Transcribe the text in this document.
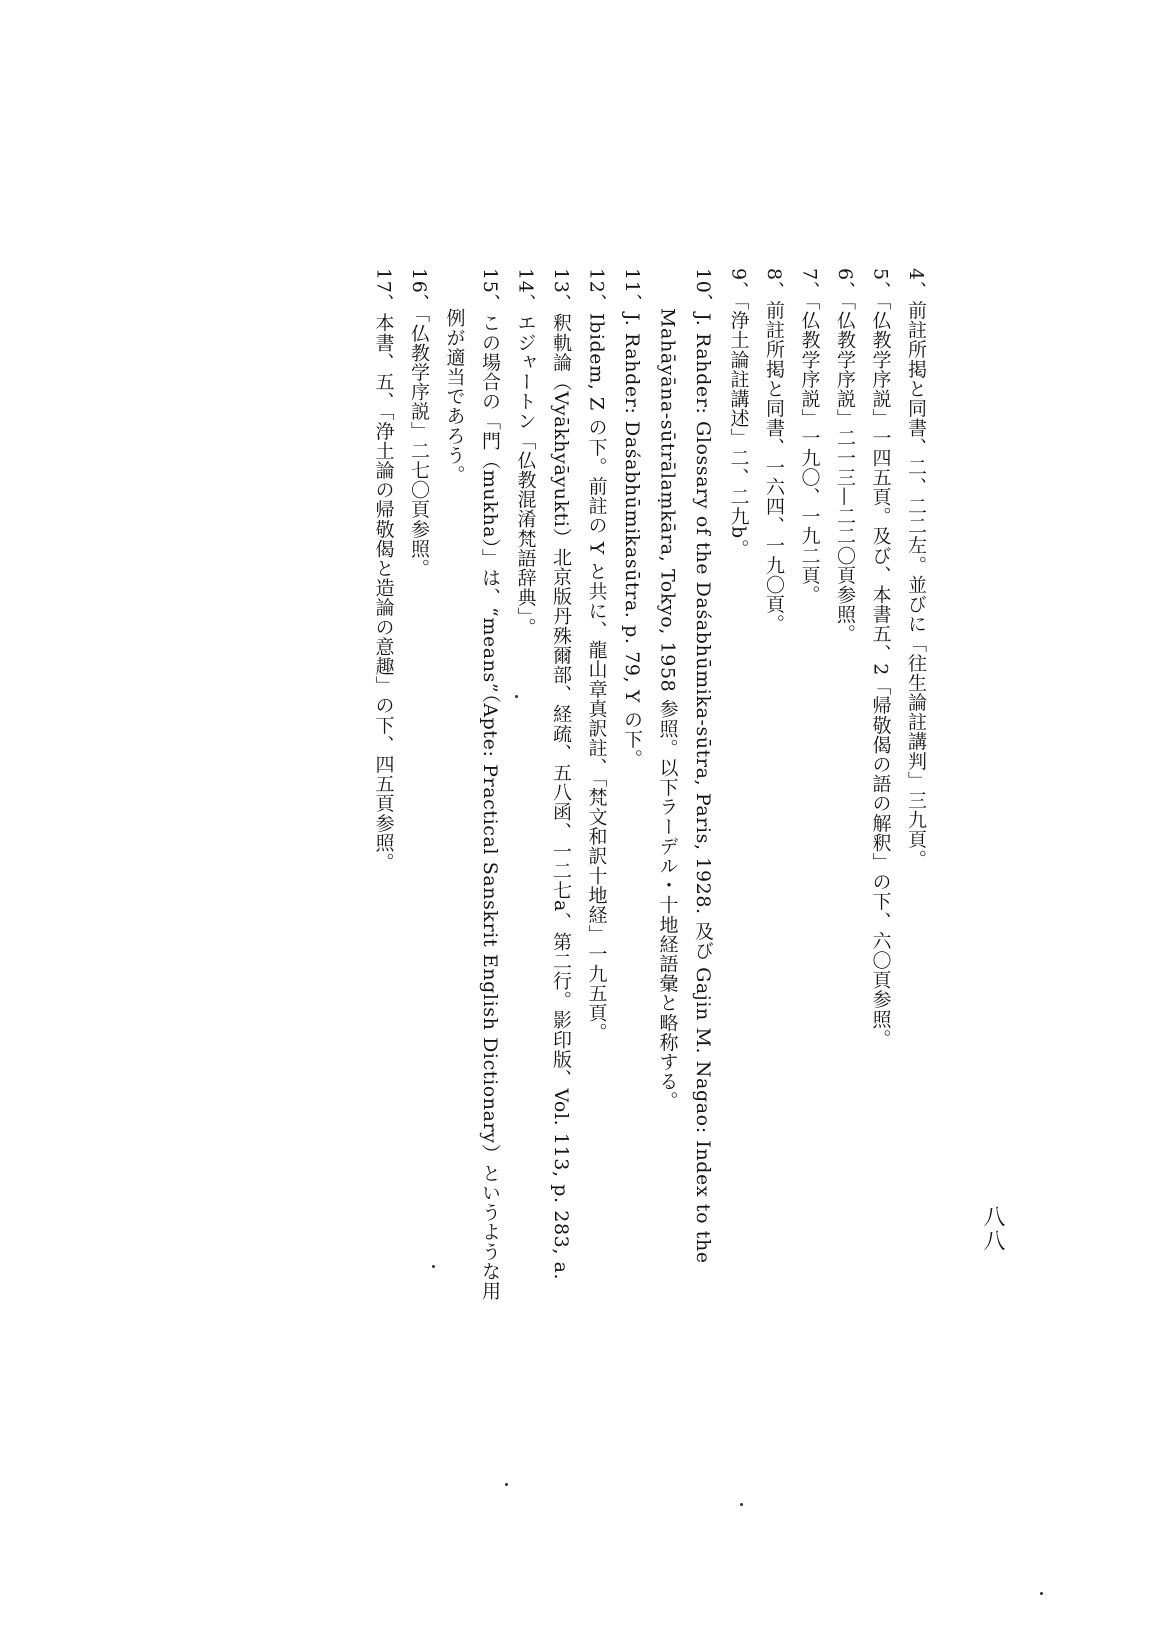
八八
4、前註所掲と同書、二、二二左。並びに「往生論註講判」三九頁。
5、「仏教学序説」一四五頁。及び、本書五、2「帰敬偈の語の解釈」の下、六〇頁参照。
6、「仏教学序説」二一三—二二〇頁参照。
7、「仏教学序説」一九〇、一九二頁。
8、前註所掲と同書、一六四、一九〇頁。
9、「浄土論註講述」二、二九b。
10、J. Rahder: Glossary of the Daśabhūmika-sūtra, Paris, 1928. 及び Gajin M. Nagao: Index to the
Mahāyāna-sūtrālaṃkāra, Tokyo, 1958 参照。以下ラーデル・十地経語彙と略称する。
11、J. Rahder: Daśabhūmikasūtra. p. 79, Y の下。
12、Ibidem, Z の下。前註の Y と共に、龍山章真訳註、「梵文和訳十地経」一九五頁。
13、釈軌論（Vyākhyāyukti）北京版丹殊爾部、経疏、五八函、一二七a、第二行。影印版、Vol. 113, p. 283, a.
14、エジャートン「仏教混淆梵語辞典」。
15、この場合の「門（mukha）」は、“means”（Apte: Practical Sanskrit English Dictionary）というような用
例が適当であろう。
16、「仏教学序説」二七〇頁参照。
17、本書、五、「浄土論の帰敬偈と造論の意趣」の下、四五頁参照。
